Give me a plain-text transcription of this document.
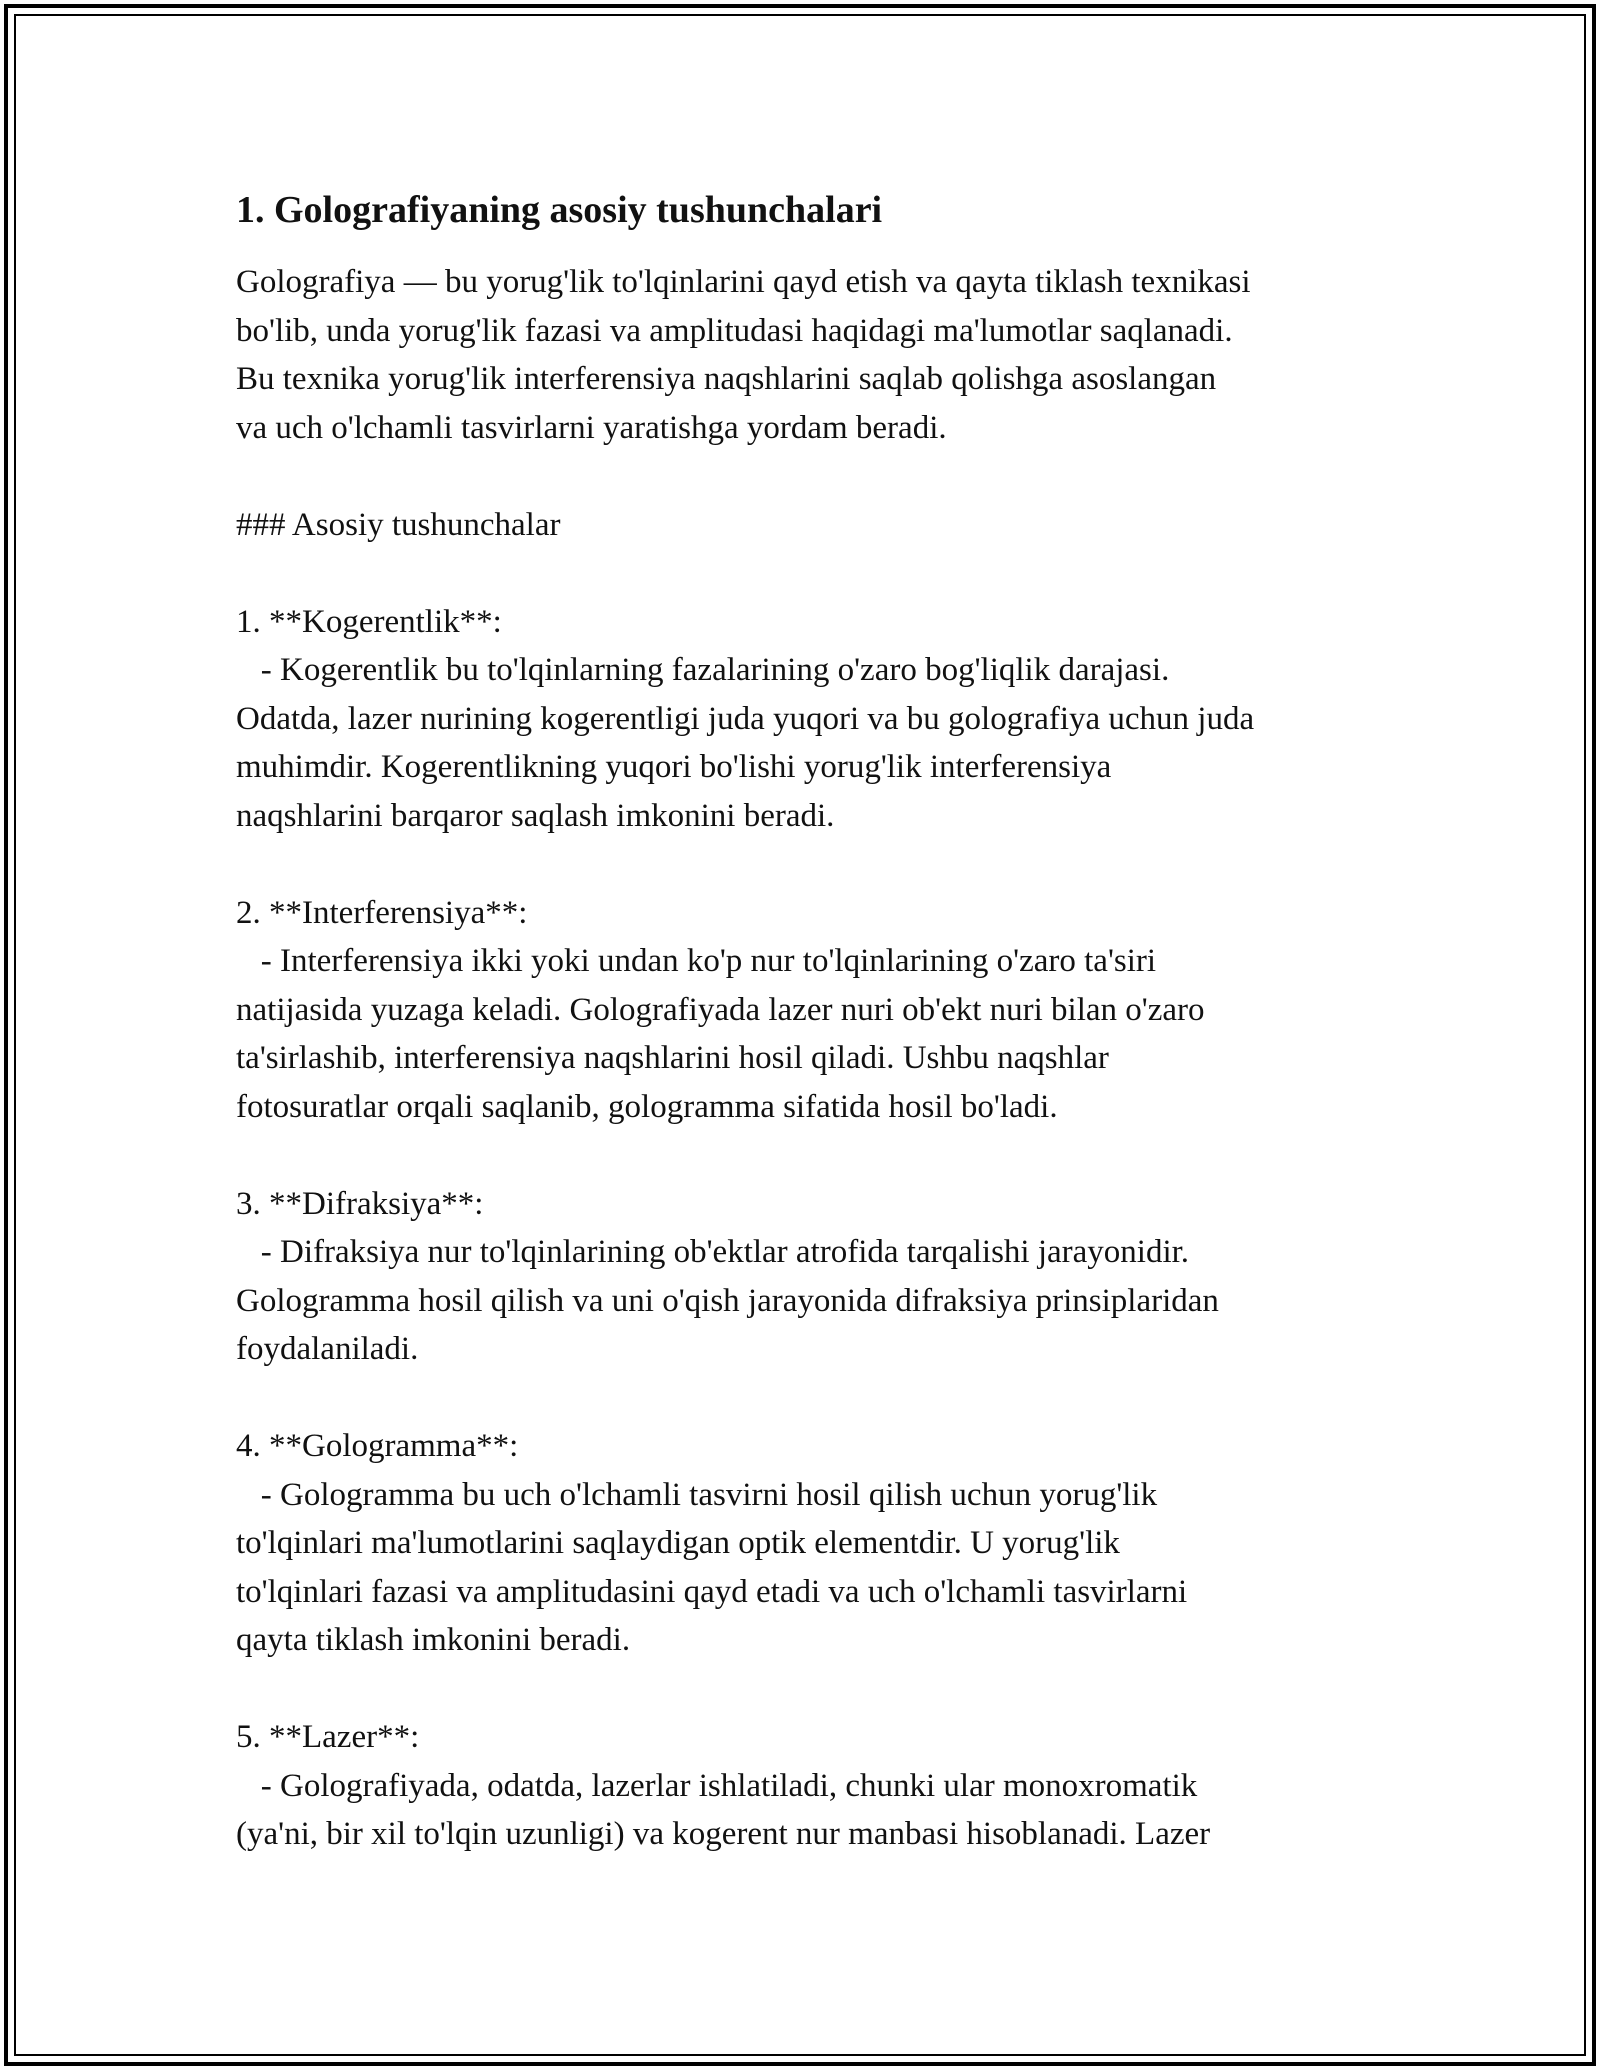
1. Golografiyaning asosiy tushunchalari

Golografiya — bu yorug'lik to'lqinlarini qayd etish va qayta tiklash texnikasi

bo'lib, unda yorug'lik fazasi va amplitudasi haqidagi ma'lumotlar saqlanadi.

Bu texnika yorug'lik interferensiya naqshlarini saqlab qolishga asoslangan

va uch o'lchamli tasvirlarni yaratishga yordam beradi.

### Asosiy tushunchalar

1. **Kogerentlik**:

- Kogerentlik bu to'lqinlarning fazalarining o'zaro bog'liqlik darajasi.

Odatda, lazer nurining kogerentligi juda yuqori va bu golografiya uchun juda

muhimdir. Kogerentlikning yuqori bo'lishi yorug'lik interferensiya

naqshlarini barqaror saqlash imkonini beradi.

2. **Interferensiya**:

- Interferensiya ikki yoki undan ko'p nur to'lqinlarining o'zaro ta'siri

natijasida yuzaga keladi. Golografiyada lazer nuri ob'ekt nuri bilan o'zaro

ta'sirlashib, interferensiya naqshlarini hosil qiladi. Ushbu naqshlar

fotosuratlar orqali saqlanib, gologramma sifatida hosil bo'ladi.

3. **Difraksiya**:

- Difraksiya nur to'lqinlarining ob'ektlar atrofida tarqalishi jarayonidir.

Gologramma hosil qilish va uni o'qish jarayonida difraksiya prinsiplaridan

foydalaniladi.

4. **Gologramma**:

- Gologramma bu uch o'lchamli tasvirni hosil qilish uchun yorug'lik

to'lqinlari ma'lumotlarini saqlaydigan optik elementdir. U yorug'lik

to'lqinlari fazasi va amplitudasini qayd etadi va uch o'lchamli tasvirlarni

qayta tiklash imkonini beradi.

5. **Lazer**:

- Golografiyada, odatda, lazerlar ishlatiladi, chunki ular monoxromatik

(ya'ni, bir xil to'lqin uzunligi) va kogerent nur manbasi hisoblanadi. Lazer
